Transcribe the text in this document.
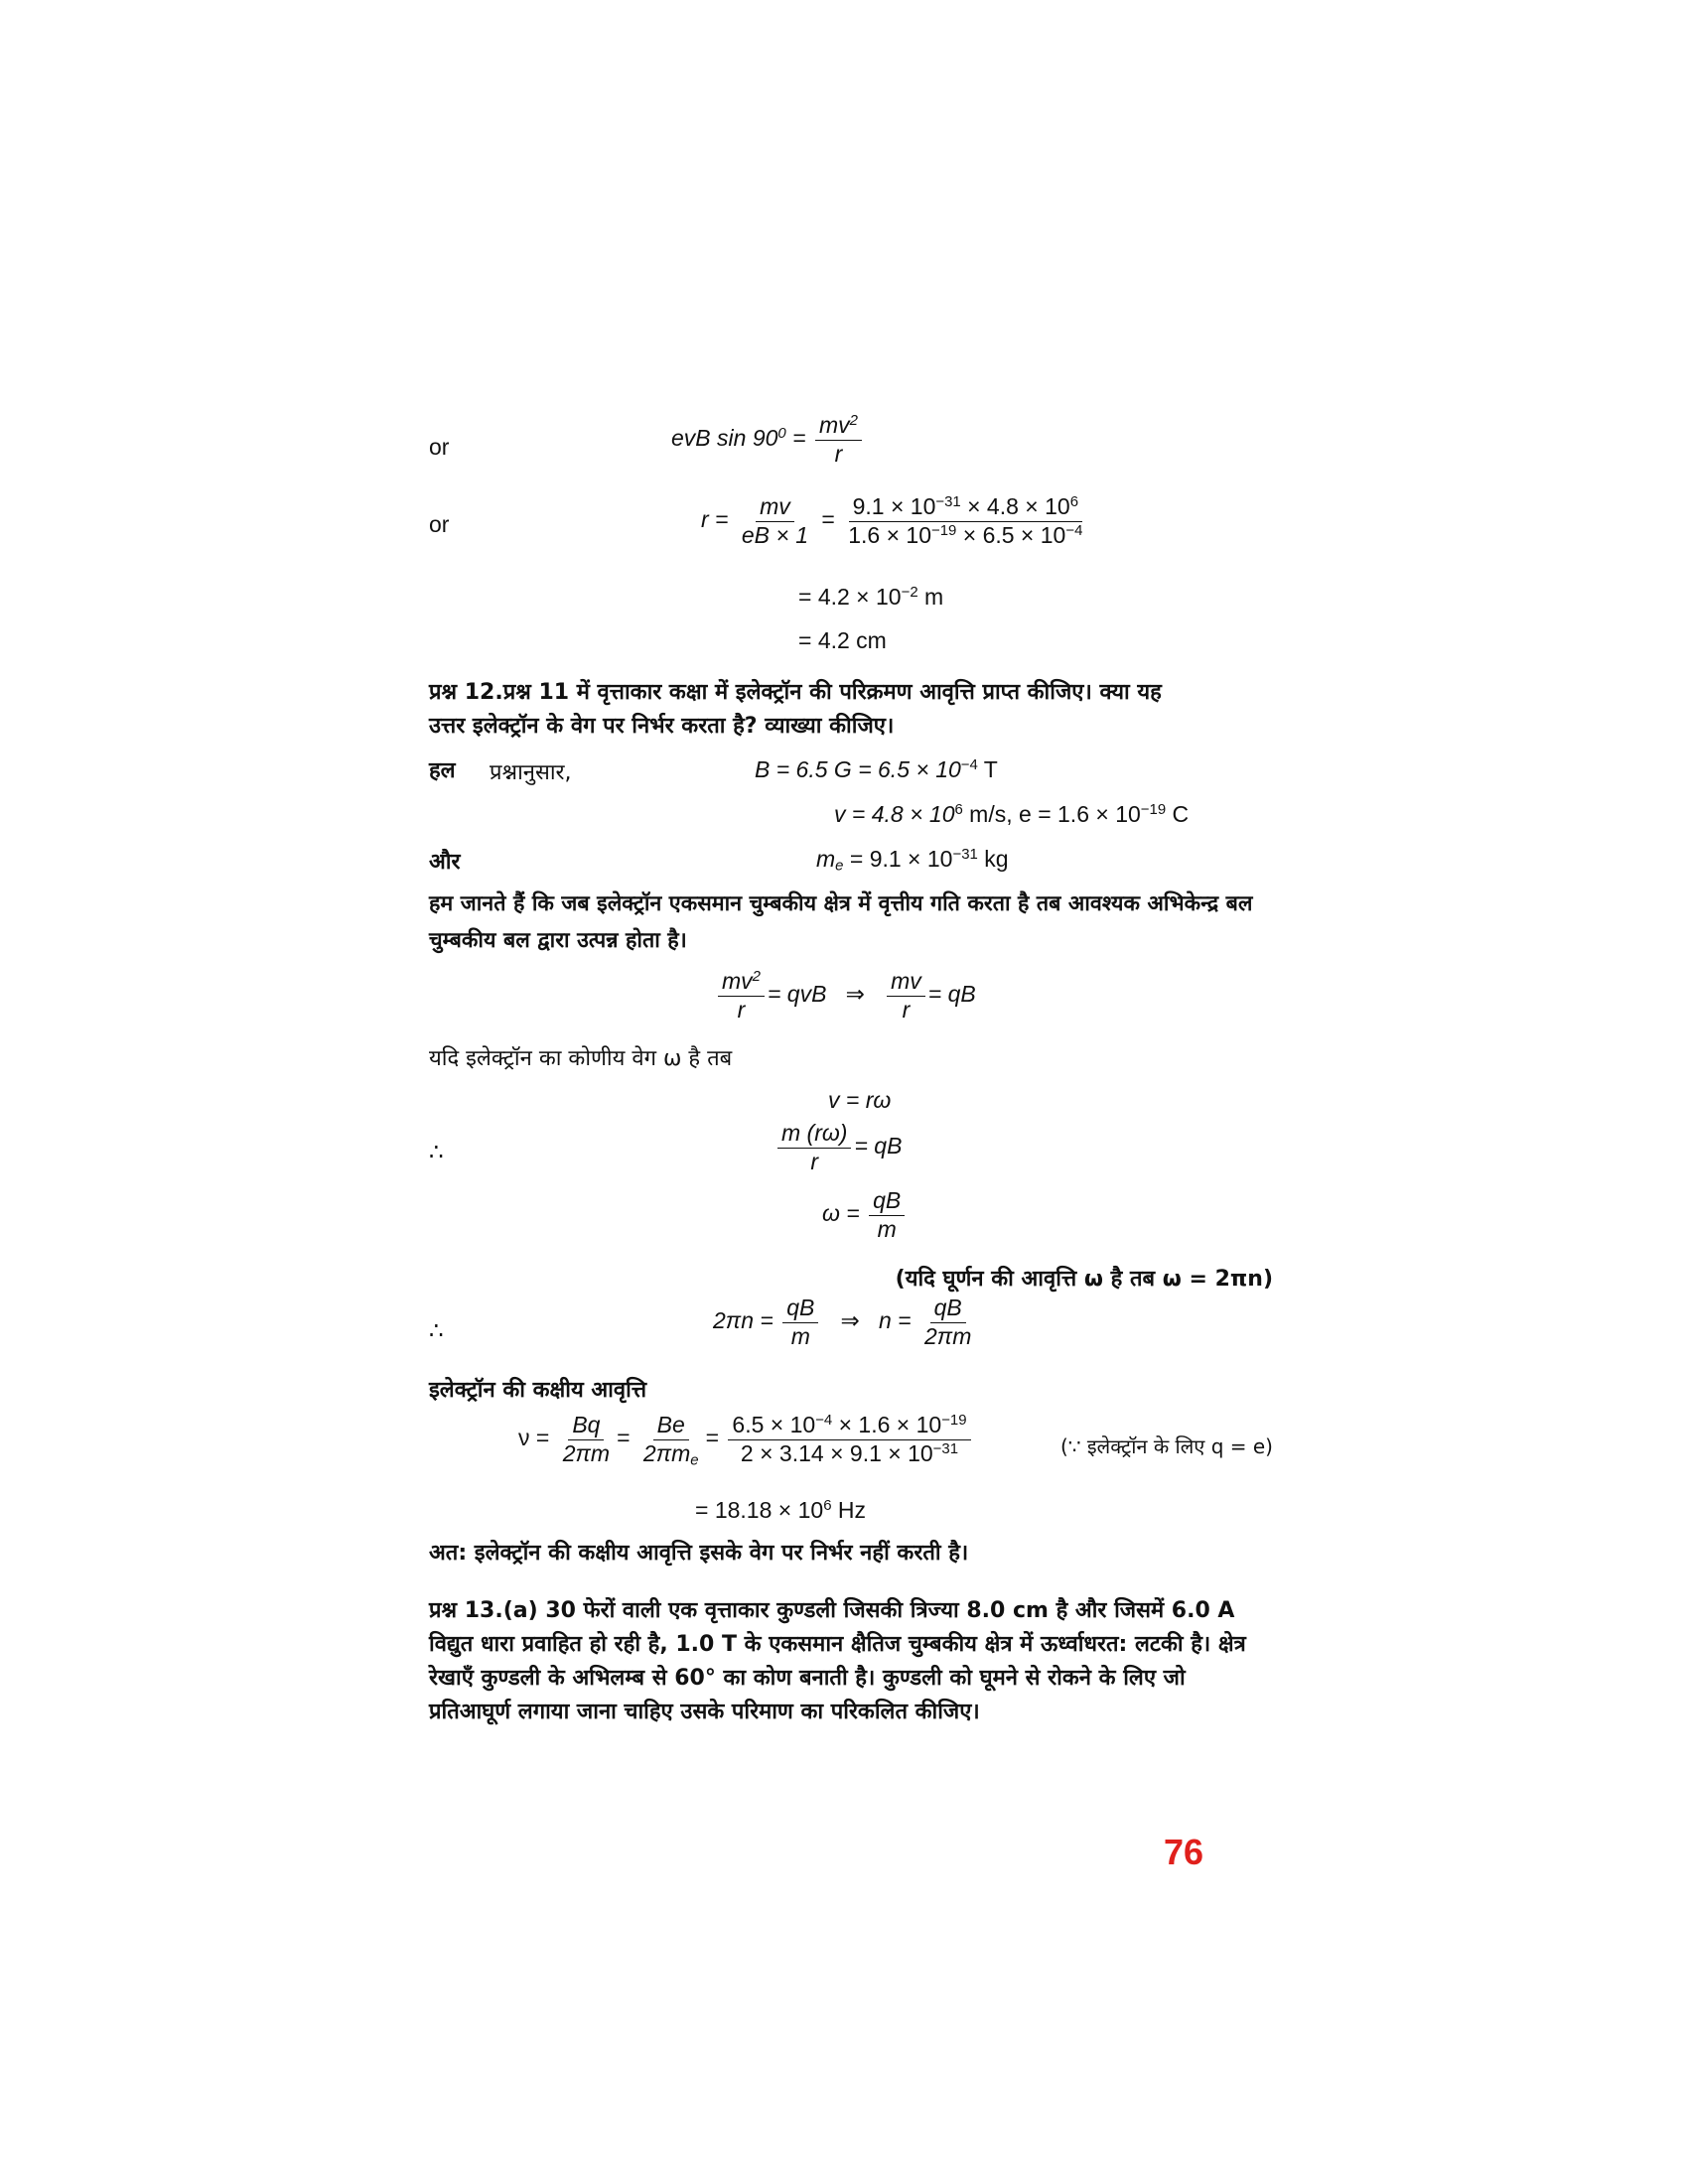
or	evB $\sin 90^0 = \frac{mv^2}{r}$
or	$r = \frac{mv}{eB \times 1} = \frac{9.1 \times 10^{-31} \times 4.8 \times 10^6}{1.6 \times 10^{-19} \times 6.5 \times 10^{-4}}$
= $4.2 \times 10^{-2}$ m
= 4.2 cm
प्रश्न 12.प्रश्न 11 में वृत्ताकार कक्षा में इलेक्ट्रॉन की परिक्रमण आवृत्ति प्राप्त कीजिए। क्या यह
उत्तर इलेक्ट्रॉन के वेग पर निर्भर करता है? व्याख्या कीजिए।
हल प्रश्नानुसार,	B = 6.5 $G = 6.5 \times 10^{-4}$ T
$v = 4.8 \times 10^6$ m/s, $e = 1.6 \times 10^{-19}$ C
और	$m_e = 9.1 \times 10^{-31}$ kg
हम जानते हैं कि जब इलेक्ट्रॉन एकसमान चुम्बकीय क्षेत्र में वृत्तीय गति करता है तब आवश्यक अभिकेन्द्र बल चुम्बकीय बल द्वारा उत्पन्न होता है।
$\frac{mv^2}{r}$ = qvB ⇒ $\frac{mv}{r}$ = qB
यदि इलेक्ट्रॉन का कोणीय वेग ω है तब
v = rω
∴	$\frac{m (r\omega)}{r}$ = qB
$\omega = \frac{qB}{m}$
(यदि घूर्णन की आवृत्ति ω है तब ω = 2πn)
∴	$2\pi n = \frac{qB}{m}$ ⇒ $n = \frac{qB}{2\pi m}$
इलेक्ट्रॉन की कक्षीय आवृत्ति
$\nu = \frac{Bq}{2\pi m} = \frac{Be}{2\pi m_e} = \frac{6.5 \times 10^{-4} \times 1.6 \times 10^{-19}}{2 \times 3.14 \times 9.1 \times 10^{-31}}$	(∵ इलेक्ट्रॉन के लिए q = e)
= $18.18 \times 10^6$ Hz
अत: इलेक्ट्रॉन की कक्षीय आवृत्ति इसके वेग पर निर्भर नहीं करती है।
प्रश्न 13.(a) 30 फेरों वाली एक वृत्ताकार कुण्डली जिसकी त्रिज्या 8.0 cm है और जिसमें 6.0 A विद्युत धारा प्रवाहित हो रही है, 1.0 T के एकसमान क्षैतिज चुम्बकीय क्षेत्र में ऊर्ध्वाधरत: लटकी है। क्षेत्र रेखाएँ कुण्डली के अभिलम्ब से 60° का कोण बनाती है। कुण्डली को घूमने से रोकने के लिए जो प्रतिआघूर्ण लगाया जाना चाहिए उसके परिमाण का परिकलित कीजिए।
76
